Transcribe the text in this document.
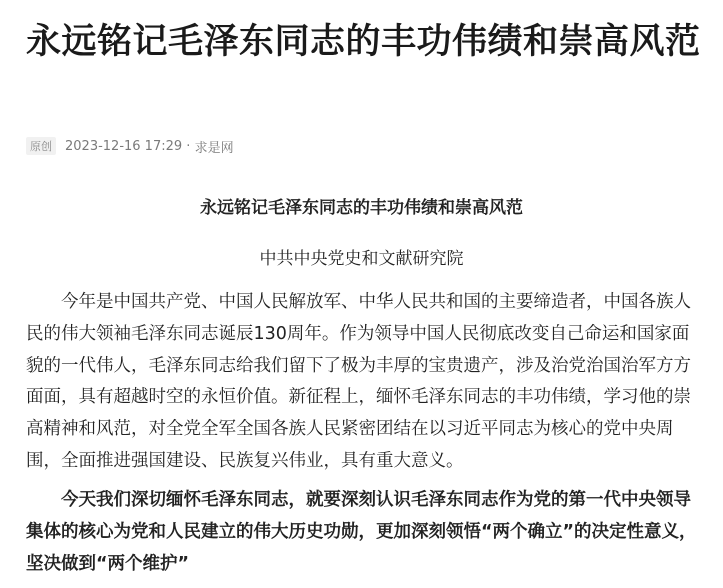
永远铭记毛泽东同志的丰功伟绩和崇高风范
原创	2023-12-16 17:29 · 求是网
永远铭记毛泽东同志的丰功伟绩和崇高风范
中共中央党史和文献研究院

今年是中国共产党、中国人民解放军、中华人民共和国的主要缔造者，中国各族人民的伟大领袖毛泽东同志诞辰130周年。作为领导中国人民彻底改变自己命运和国家面貌的一代伟人，毛泽东同志给我们留下了极为丰厚的宝贵遗产，涉及治党治国治军方方面面，具有超越时空的永恒价值。新征程上，缅怀毛泽东同志的丰功伟绩，学习他的崇高精神和风范，对全党全军全国各族人民紧密团结在以习近平同志为核心的党中央周围，全面推进强国建设、民族复兴伟业，具有重大意义。

今天我们深切缅怀毛泽东同志，就要深刻认识毛泽东同志作为党的第一代中央领导集体的核心为党和人民建立的伟大历史功勋，更加深刻领悟“两个确立”的决定性意义，坚决做到“两个维护”
